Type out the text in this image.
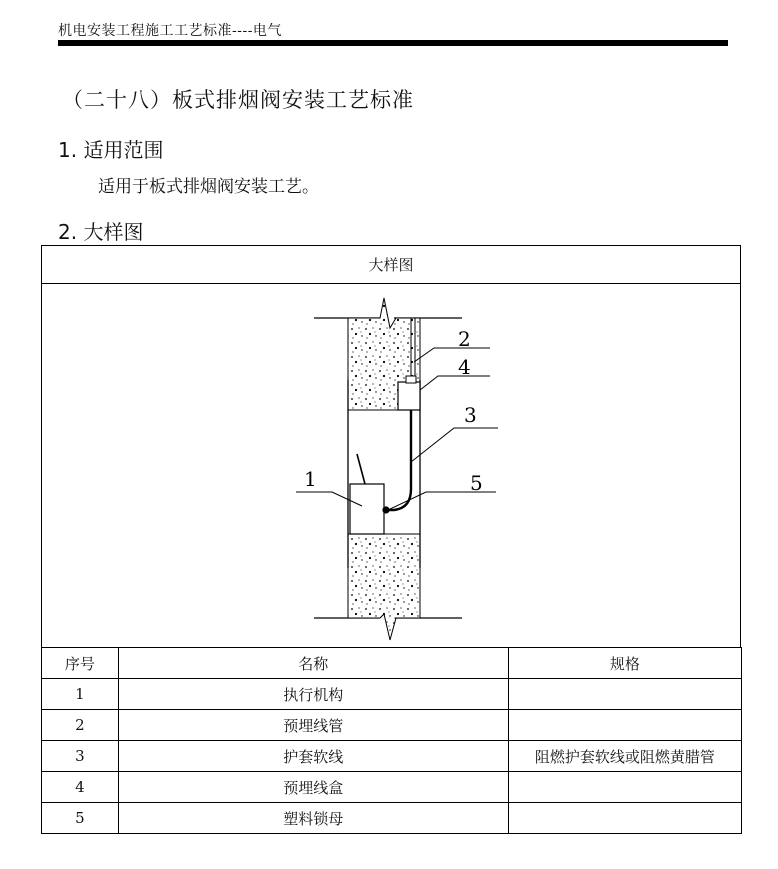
机电安装工程施工工艺标准----电气
（二十八）板式排烟阀安装工艺标准
1. 适用范围
适用于板式排烟阀安装工艺。
2. 大样图
大样图
2
4
3
5
1
序号	名称	规格
1	执行机构	
2	预埋线管	
3	护套软线	阻燃护套软线或阻燃黄腊管
4	预埋线盒	
5	塑料锁母	
